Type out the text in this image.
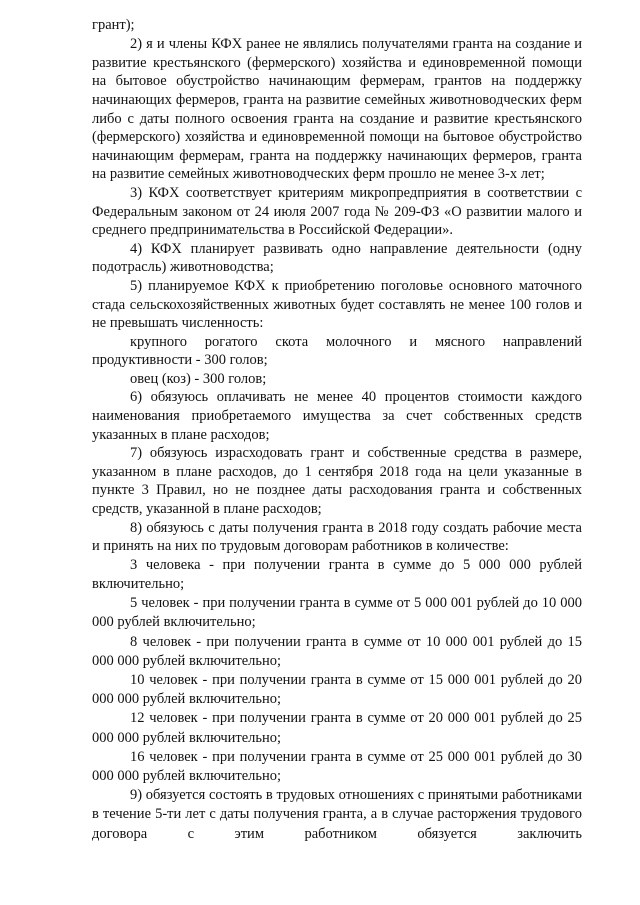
грант);

2) я и члены КФХ ранее не являлись получателями гранта на создание и развитие крестьянского (фермерского) хозяйства и единовременной помощи на бытовое обустройство начинающим фермерам, грантов на поддержку начинающих фермеров, гранта на развитие семейных животноводческих ферм либо с даты полного освоения гранта на создание и развитие крестьянского (фермерского) хозяйства и единовременной помощи на бытовое обустройство начинающим фермерам, гранта на поддержку начинающих фермеров, гранта на развитие семейных животноводческих ферм прошло не менее 3-х лет;

3) КФХ соответствует критериям микропредприятия в соответствии с Федеральным законом от 24 июля 2007 года № 209-ФЗ «О развитии малого и среднего предпринимательства в Российской Федерации».

4) КФХ планирует развивать одно направление деятельности (одну подотрасль) животноводства;

5) планируемое КФХ к приобретению поголовье основного маточного стада сельскохозяйственных животных будет составлять не менее 100 голов и не превышать численность:

крупного рогатого скота молочного и мясного направлений продуктивности - 300 голов;

овец (коз) - 300 голов;

6) обязуюсь оплачивать не менее 40 процентов стоимости каждого наименования приобретаемого имущества за счет собственных средств указанных в плане расходов;

7) обязуюсь израсходовать грант и собственные средства в размере, указанном в плане расходов, до 1 сентября 2018 года на цели указанные в пункте 3 Правил, но не позднее даты расходования гранта и собственных средств, указанной в плане расходов;

8) обязуюсь с даты получения гранта в 2018 году создать рабочие места и принять на них по трудовым договорам работников в количестве:

3 человека - при получении гранта в сумме до 5 000 000 рублей включительно;

5 человек - при получении гранта в сумме от 5 000 001 рублей до 10 000 000 рублей включительно;

8 человек - при получении гранта в сумме от 10 000 001 рублей до 15 000 000 рублей включительно;

10 человек - при получении гранта в сумме от 15 000 001 рублей до 20 000 000 рублей включительно;

12 человек - при получении гранта в сумме от 20 000 001 рублей до 25 000 000 рублей включительно;

16 человек - при получении гранта в сумме от 25 000 001 рублей до 30 000 000 рублей включительно;

9) обязуется состоять в трудовых отношениях с принятыми работниками в течение 5-ти лет с даты получения гранта, а в случае расторжения трудового договора с этим работником обязуется заключить
